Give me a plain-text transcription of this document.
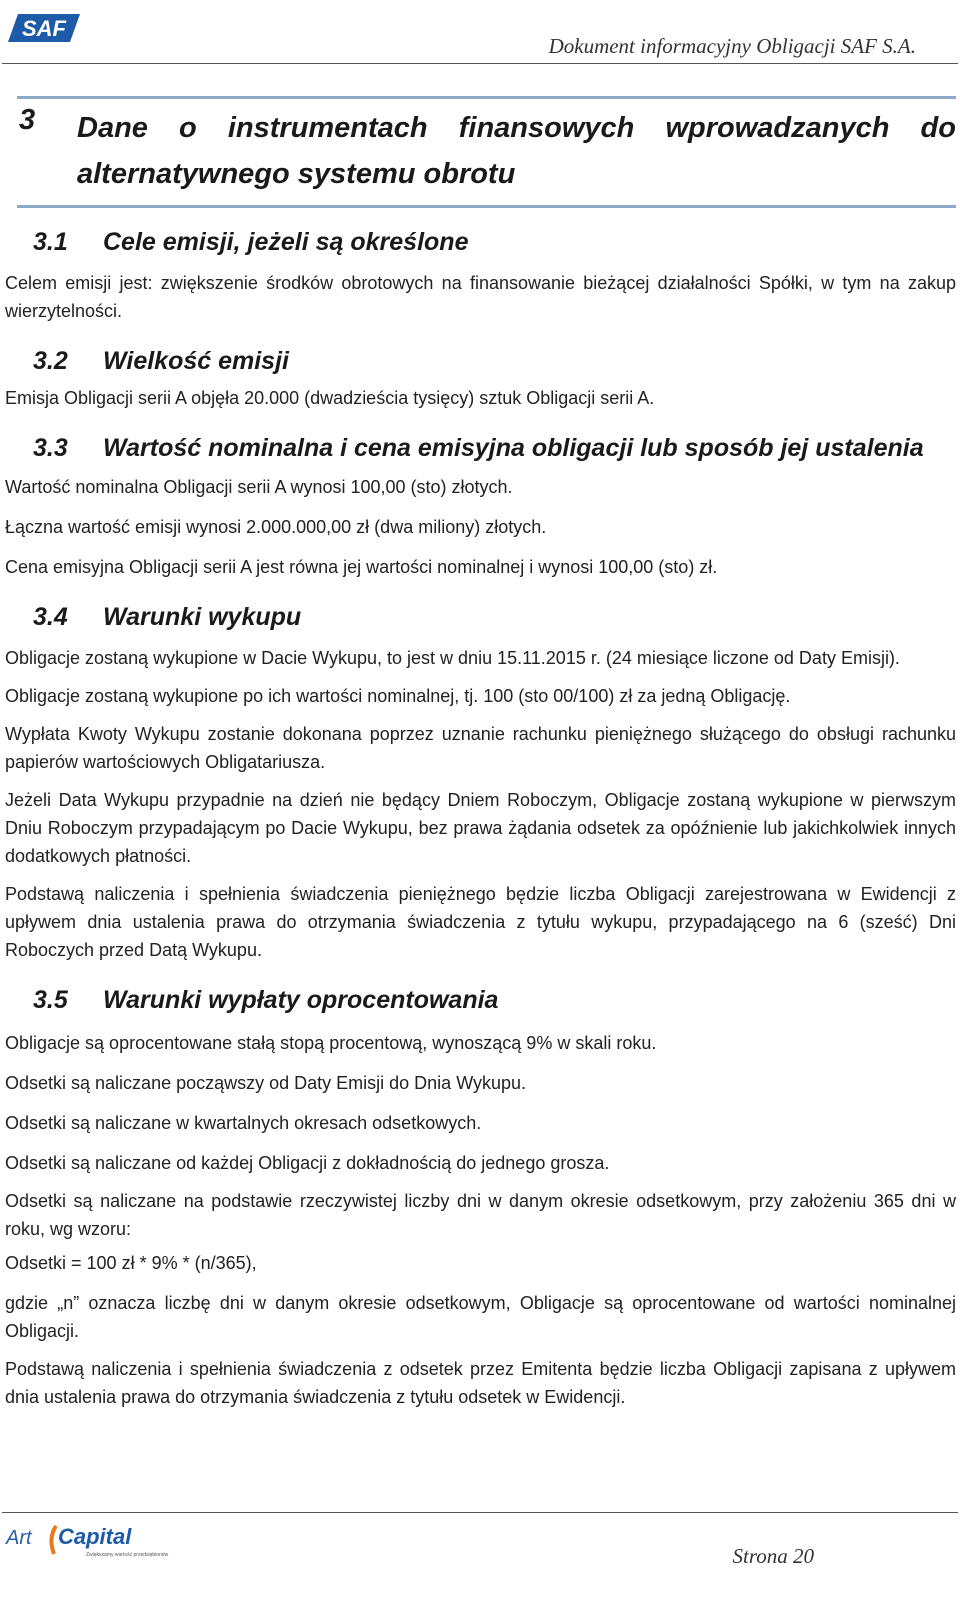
SAF
Dokument informacyjny Obligacji SAF S.A.
3 Dane o instrumentach finansowych wprowadzanych do alternatywnego systemu obrotu
3.1	Cele emisji, jeżeli są określone

Celem emisji jest: zwiększenie środków obrotowych na finansowanie bieżącej działalności Spółki, w tym na zakup wierzytelności.

3.2	Wielkość emisji

Emisja Obligacji serii A objęła 20.000 (dwadzieścia tysięcy) sztuk Obligacji serii A.

3.3	Wartość nominalna i cena emisyjna obligacji lub sposób jej ustalenia

Wartość nominalna Obligacji serii A wynosi 100,00 (sto) złotych.

Łączna wartość emisji wynosi 2.000.000,00 zł (dwa miliony) złotych.

Cena emisyjna Obligacji serii A jest równa jej wartości nominalnej i wynosi 100,00 (sto) zł.

3.4	Warunki wykupu

Obligacje zostaną wykupione w Dacie Wykupu, to jest w dniu 15.11.2015 r. (24 miesiące liczone od Daty Emisji).

Obligacje zostaną wykupione po ich wartości nominalnej, tj. 100 (sto 00/100) zł za jedną Obligację.

Wypłata Kwoty Wykupu zostanie dokonana poprzez uznanie rachunku pieniężnego służącego do obsługi rachunku papierów wartościowych Obligatariusza.

Jeżeli Data Wykupu przypadnie na dzień nie będący Dniem Roboczym, Obligacje zostaną wykupione w pierwszym Dniu Roboczym przypadającym po Dacie Wykupu, bez prawa żądania odsetek za opóźnienie lub jakichkolwiek innych dodatkowych płatności.

Podstawą naliczenia i spełnienia świadczenia pieniężnego będzie liczba Obligacji zarejestrowana w Ewidencji z upływem dnia ustalenia prawa do otrzymania świadczenia z tytułu wykupu, przypadającego na 6 (sześć) Dni Roboczych przed Datą Wykupu.

3.5	Warunki wypłaty oprocentowania

Obligacje są oprocentowane stałą stopą procentową, wynoszącą 9% w skali roku.

Odsetki są naliczane począwszy od Daty Emisji do Dnia Wykupu.

Odsetki są naliczane w kwartalnych okresach odsetkowych.

Odsetki są naliczane od każdej Obligacji z dokładnością do jednego grosza.

Odsetki są naliczane na podstawie rzeczywistej liczby dni w danym okresie odsetkowym, przy założeniu 365 dni w roku, wg wzoru:

Odsetki = 100 zł * 9% * (n/365),

gdzie „n” oznacza liczbę dni w danym okresie odsetkowym, Obligacje są oprocentowane od wartości nominalnej Obligacji.

Podstawą naliczenia i spełnienia świadczenia z odsetek przez Emitenta będzie liczba Obligacji zapisana z upływem dnia ustalenia prawa do otrzymania świadczenia z tytułu odsetek w Ewidencji.

Art Capital
Zwiększamy wartość przedsiębiorstw	Strona 20
